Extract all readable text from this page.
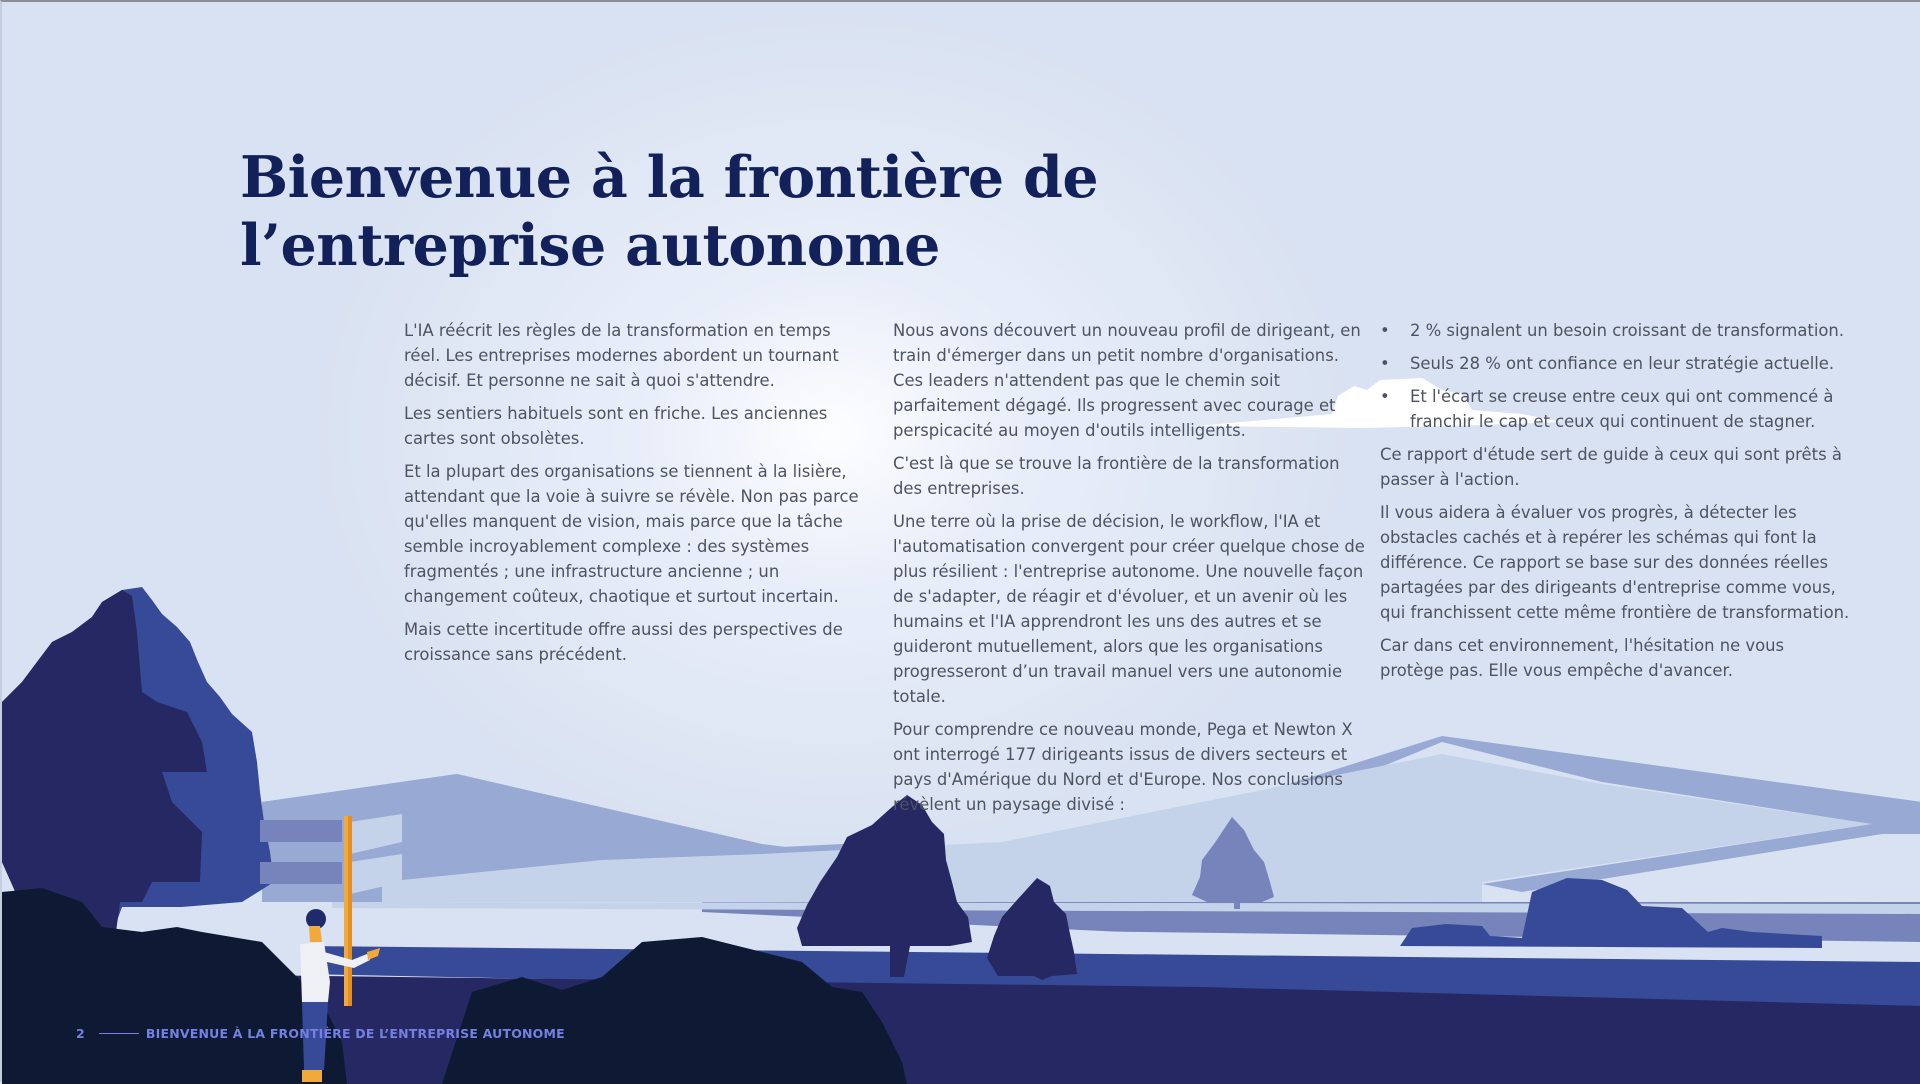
Bienvenue à la frontière de
l’entreprise autonome

L'IA réécrit les règles de la transformation en temps réel. Les entreprises modernes abordent un tournant décisif. Et personne ne sait à quoi s'attendre.

Les sentiers habituels sont en friche. Les anciennes cartes sont obsolètes.

Et la plupart des organisations se tiennent à la lisière, attendant que la voie à suivre se révèle. Non pas parce qu'elles manquent de vision, mais parce que la tâche semble incroyablement complexe : des systèmes fragmentés ; une infrastructure ancienne ; un changement coûteux, chaotique et surtout incertain.

Mais cette incertitude offre aussi des perspectives de croissance sans précédent.

Nous avons découvert un nouveau profil de dirigeant, en train d'émerger dans un petit nombre d'organisations. Ces leaders n'attendent pas que le chemin soit parfaitement dégagé. Ils progressent avec courage et perspicacité au moyen d'outils intelligents.

C'est là que se trouve la frontière de la transformation des entreprises.

Une terre où la prise de décision, le workflow, l'IA et l'automatisation convergent pour créer quelque chose de plus résilient : l'entreprise autonome. Une nouvelle façon de s'adapter, de réagir et d'évoluer, et un avenir où les humains et l'IA apprendront les uns des autres et se guideront mutuellement, alors que les organisations progresseront d’un travail manuel vers une autonomie totale.

Pour comprendre ce nouveau monde, Pega et Newton X ont interrogé 177 dirigeants issus de divers secteurs et pays d'Amérique du Nord et d'Europe. Nos conclusions révèlent un paysage divisé :

• 2 % signalent un besoin croissant de transformation.
• Seuls 28 % ont confiance en leur stratégie actuelle.
• Et l'écart se creuse entre ceux qui ont commencé à franchir le cap et ceux qui continuent de stagner.

Ce rapport d'étude sert de guide à ceux qui sont prêts à passer à l'action.

Il vous aidera à évaluer vos progrès, à détecter les obstacles cachés et à repérer les schémas qui font la différence. Ce rapport se base sur des données réelles partagées par des dirigeants d'entreprise comme vous, qui franchissent cette même frontière de transformation.

Car dans cet environnement, l'hésitation ne vous protège pas. Elle vous empêche d'avancer.

2	BIENVENUE À LA FRONTIÈRE DE L’ENTREPRISE AUTONOME
